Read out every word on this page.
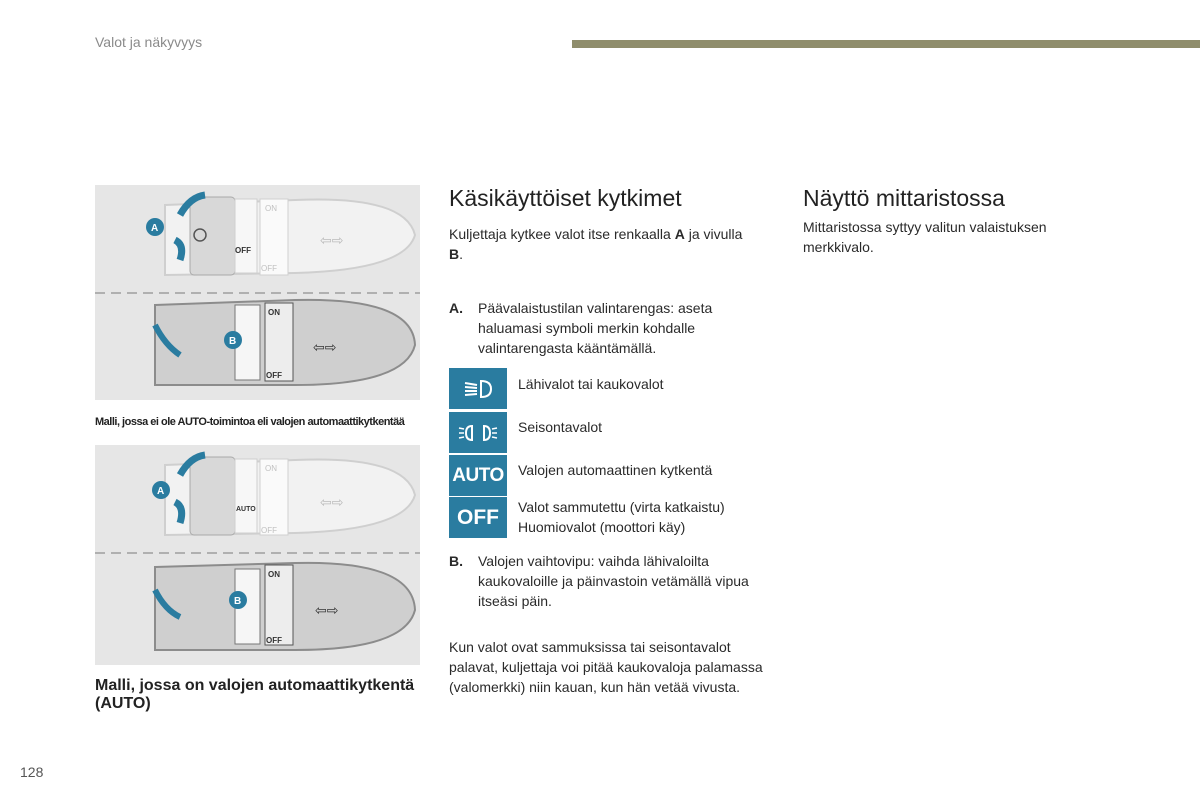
Valot ja näkyvyys
ON
OFF
OFF
⇦⇨
A
ON
OFF
⇦⇨
B
Malli, jossa ei ole AUTO-toimintoa eli valojen automaattikytkentää
ON
AUTO
OFF
⇦⇨
A
ON
OFF
⇦⇨
B
Malli, jossa on valojen automaattikytkentä (AUTO)
Käsikäyttöiset kytkimet
Kuljettaja kytkee valot itse renkaalla A ja vivulla B.
A. Päävalaistustilan valintarengas: aseta haluamasi symboli merkin kohdalle valintarengasta kääntämällä.
Lähivalot tai kaukovalot
Seisontavalot
AUTO Valojen automaattinen kytkentä
OFF Valot sammutettu (virta katkaistu)
Huomiovalot (moottori käy)
B. Valojen vaihtovipu: vaihda lähivaloilta kaukovaloille ja päinvastoin vetämällä vipua itseäsi päin.
Kun valot ovat sammuksissa tai seisontavalot palavat, kuljettaja voi pitää kaukovaloja palamassa (valomerkki) niin kauan, kun hän vetää vivusta.
Näyttö mittaristossa
Mittaristossa syttyy valitun valaistuksen merkkivalo.
128
